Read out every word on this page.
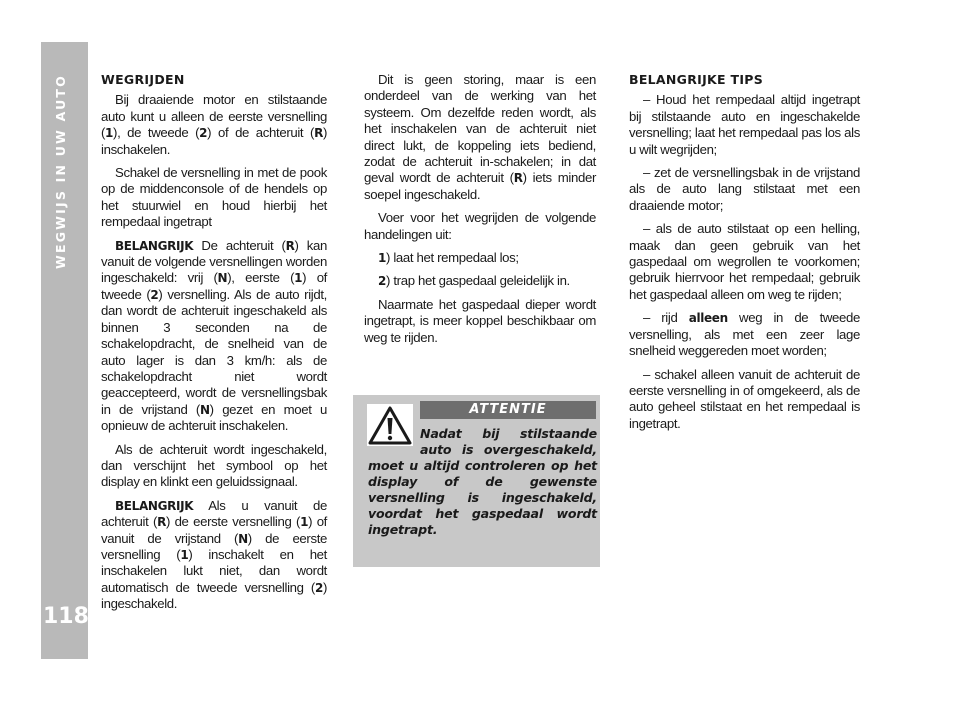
WEGWIJS IN UW AUTO
118
WEGRIJDEN

Bij draaiende motor en stilstaande auto kunt u alleen de eerste versnelling (1), de tweede (2) of de achteruit (R) inschakelen.

Schakel de versnelling in met de pook op de middenconsole of de hendels op het stuurwiel en houd hierbij het rempedaal ingetrapt

BELANGRIJK De achteruit (R) kan vanuit de volgende versnellingen worden ingeschakeld: vrij (N), eerste (1) of tweede (2) versnelling. Als de auto rijdt, dan wordt de achteruit ingeschakeld als binnen 3 seconden na de schakelopdracht, de snelheid van de auto lager is dan 3 km/h: als de schakelopdracht niet wordt geaccepteerd, wordt de versnellingsbak in de vrijstand (N) gezet en moet u opnieuw de achteruit inschakelen.

Als de achteruit wordt ingeschakeld, dan verschijnt het symbool op het display en klinkt een geluidssignaal.

BELANGRIJK Als u vanuit de achteruit (R) de eerste versnelling (1) of vanuit de vrijstand (N) de eerste versnelling (1) inschakelt en het inschakelen lukt niet, dan wordt automatisch de tweede versnelling (2) ingeschakeld.

Dit is geen storing, maar is een onderdeel van de werking van het systeem. Om dezelfde reden wordt, als het inschakelen van de achteruit niet direct lukt, de koppeling iets bediend, zodat de achteruit in-schakelen; in dat geval wordt de achteruit (R) iets minder soepel ingeschakeld.

Voer voor het wegrijden de volgende handelingen uit:

1) laat het rempedaal los;

2) trap het gaspedaal geleidelijk in.

Naarmate het gaspedaal dieper wordt ingetrapt, is meer koppel beschikbaar om weg te rijden.

ATTENTIE
Nadat bij stilstaande auto is overgeschakeld, moet u altijd controleren op het display of de gewenste versnelling is ingeschakeld, voordat het gaspedaal wordt ingetrapt.
BELANGRIJKE TIPS

– Houd het rempedaal altijd ingetrapt bij stilstaande auto en ingeschakelde versnelling; laat het rempedaal pas los als u wilt wegrijden;

– zet de versnellingsbak in de vrijstand als de auto lang stilstaat met een draaiende motor;

– als de auto stilstaat op een helling, maak dan geen gebruik van het gaspedaal om wegrollen te voorkomen; gebruik hierrvoor het rempedaal; gebruik het gaspedaal alleen om weg te rijden;

– rijd alleen weg in de tweede versnelling, als met een zeer lage snelheid weggereden moet worden;

– schakel alleen vanuit de achteruit de eerste versnelling in of omgekeerd, als de auto geheel stilstaat en het rempedaal is ingetrapt.
